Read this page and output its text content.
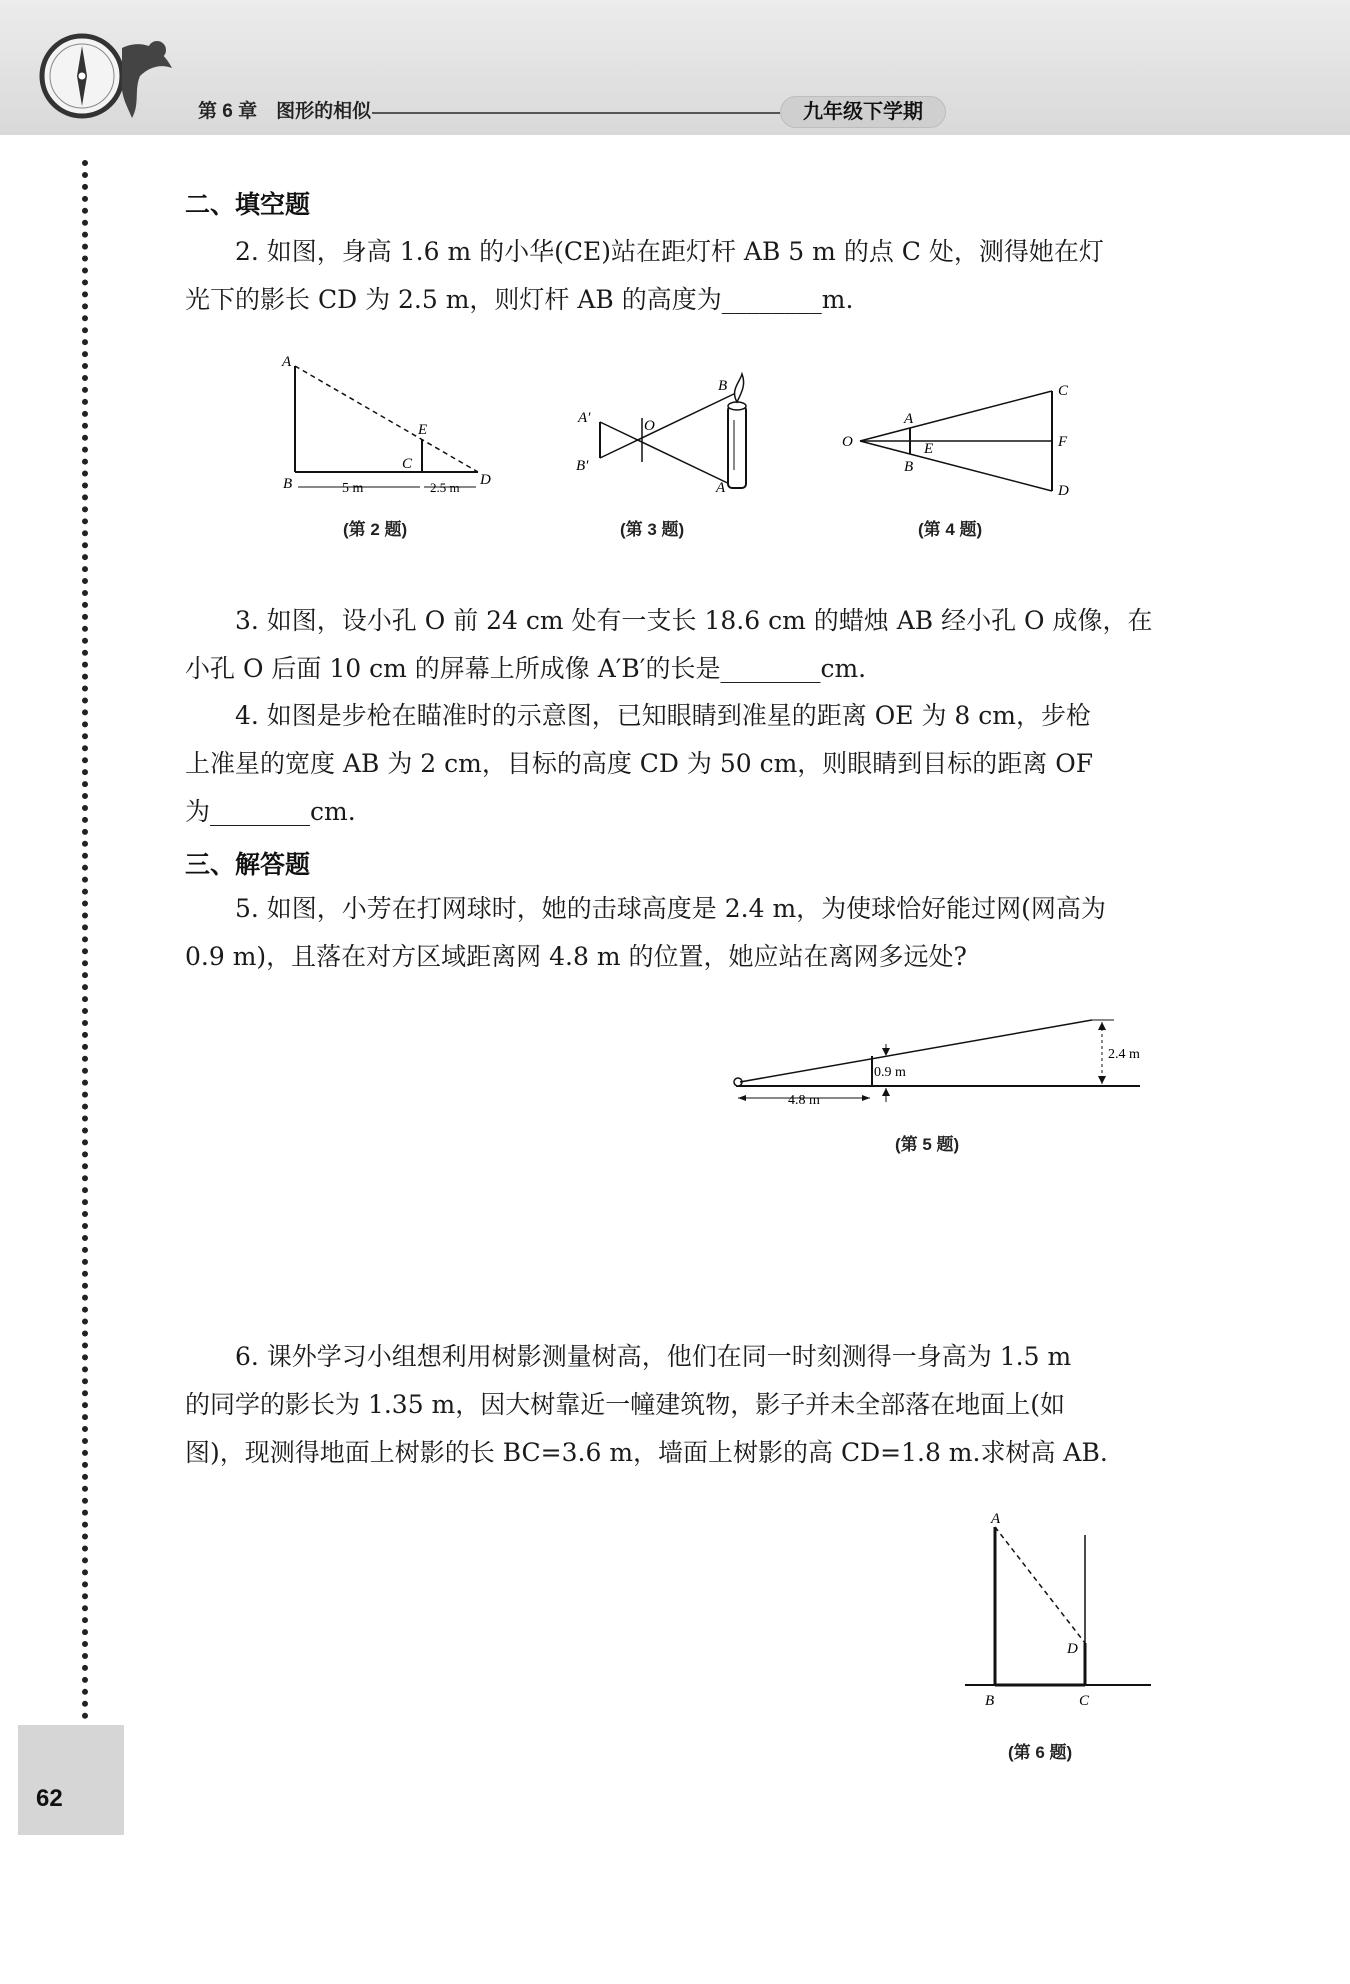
第 6 章　图形的相似	九年级下学期
二、填空题
2. 如图，身高 1.6 m 的小华(CE)站在距灯杆 AB 5 m 的点 C 处，测得她在灯
光下的影长 CD 为 2.5 m，则灯杆 AB 的高度为________m.
A
B
C
D
E
5 m	2.5 m
(第 2 题)
A′
B′
O
B
A
(第 3 题)
O
A
B
E
C
F
D
(第 4 题)
3. 如图，设小孔 O 前 24 cm 处有一支长 18.6 cm 的蜡烛 AB 经小孔 O 成像，在
小孔 O 后面 10 cm 的屏幕上所成像 A′B′的长是________cm.
4. 如图是步枪在瞄准时的示意图，已知眼睛到准星的距离 OE 为 8 cm，步枪
上准星的宽度 AB 为 2 cm，目标的高度 CD 为 50 cm，则眼睛到目标的距离 OF
为________cm.
三、解答题
5. 如图，小芳在打网球时，她的击球高度是 2.4 m，为使球恰好能过网(网高为
0.9 m)，且落在对方区域距离网 4.8 m 的位置，她应站在离网多远处?
0.9 m
2.4 m
4.8 m
(第 5 题)
6. 课外学习小组想利用树影测量树高，他们在同一时刻测得一身高为 1.5 m
的同学的影长为 1.35 m，因大树靠近一幢建筑物，影子并未全部落在地面上(如
图)，现测得地面上树影的长 BC=3.6 m，墙面上树影的高 CD=1.8 m.求树高 AB.
A
B	C
D
(第 6 题)
62
